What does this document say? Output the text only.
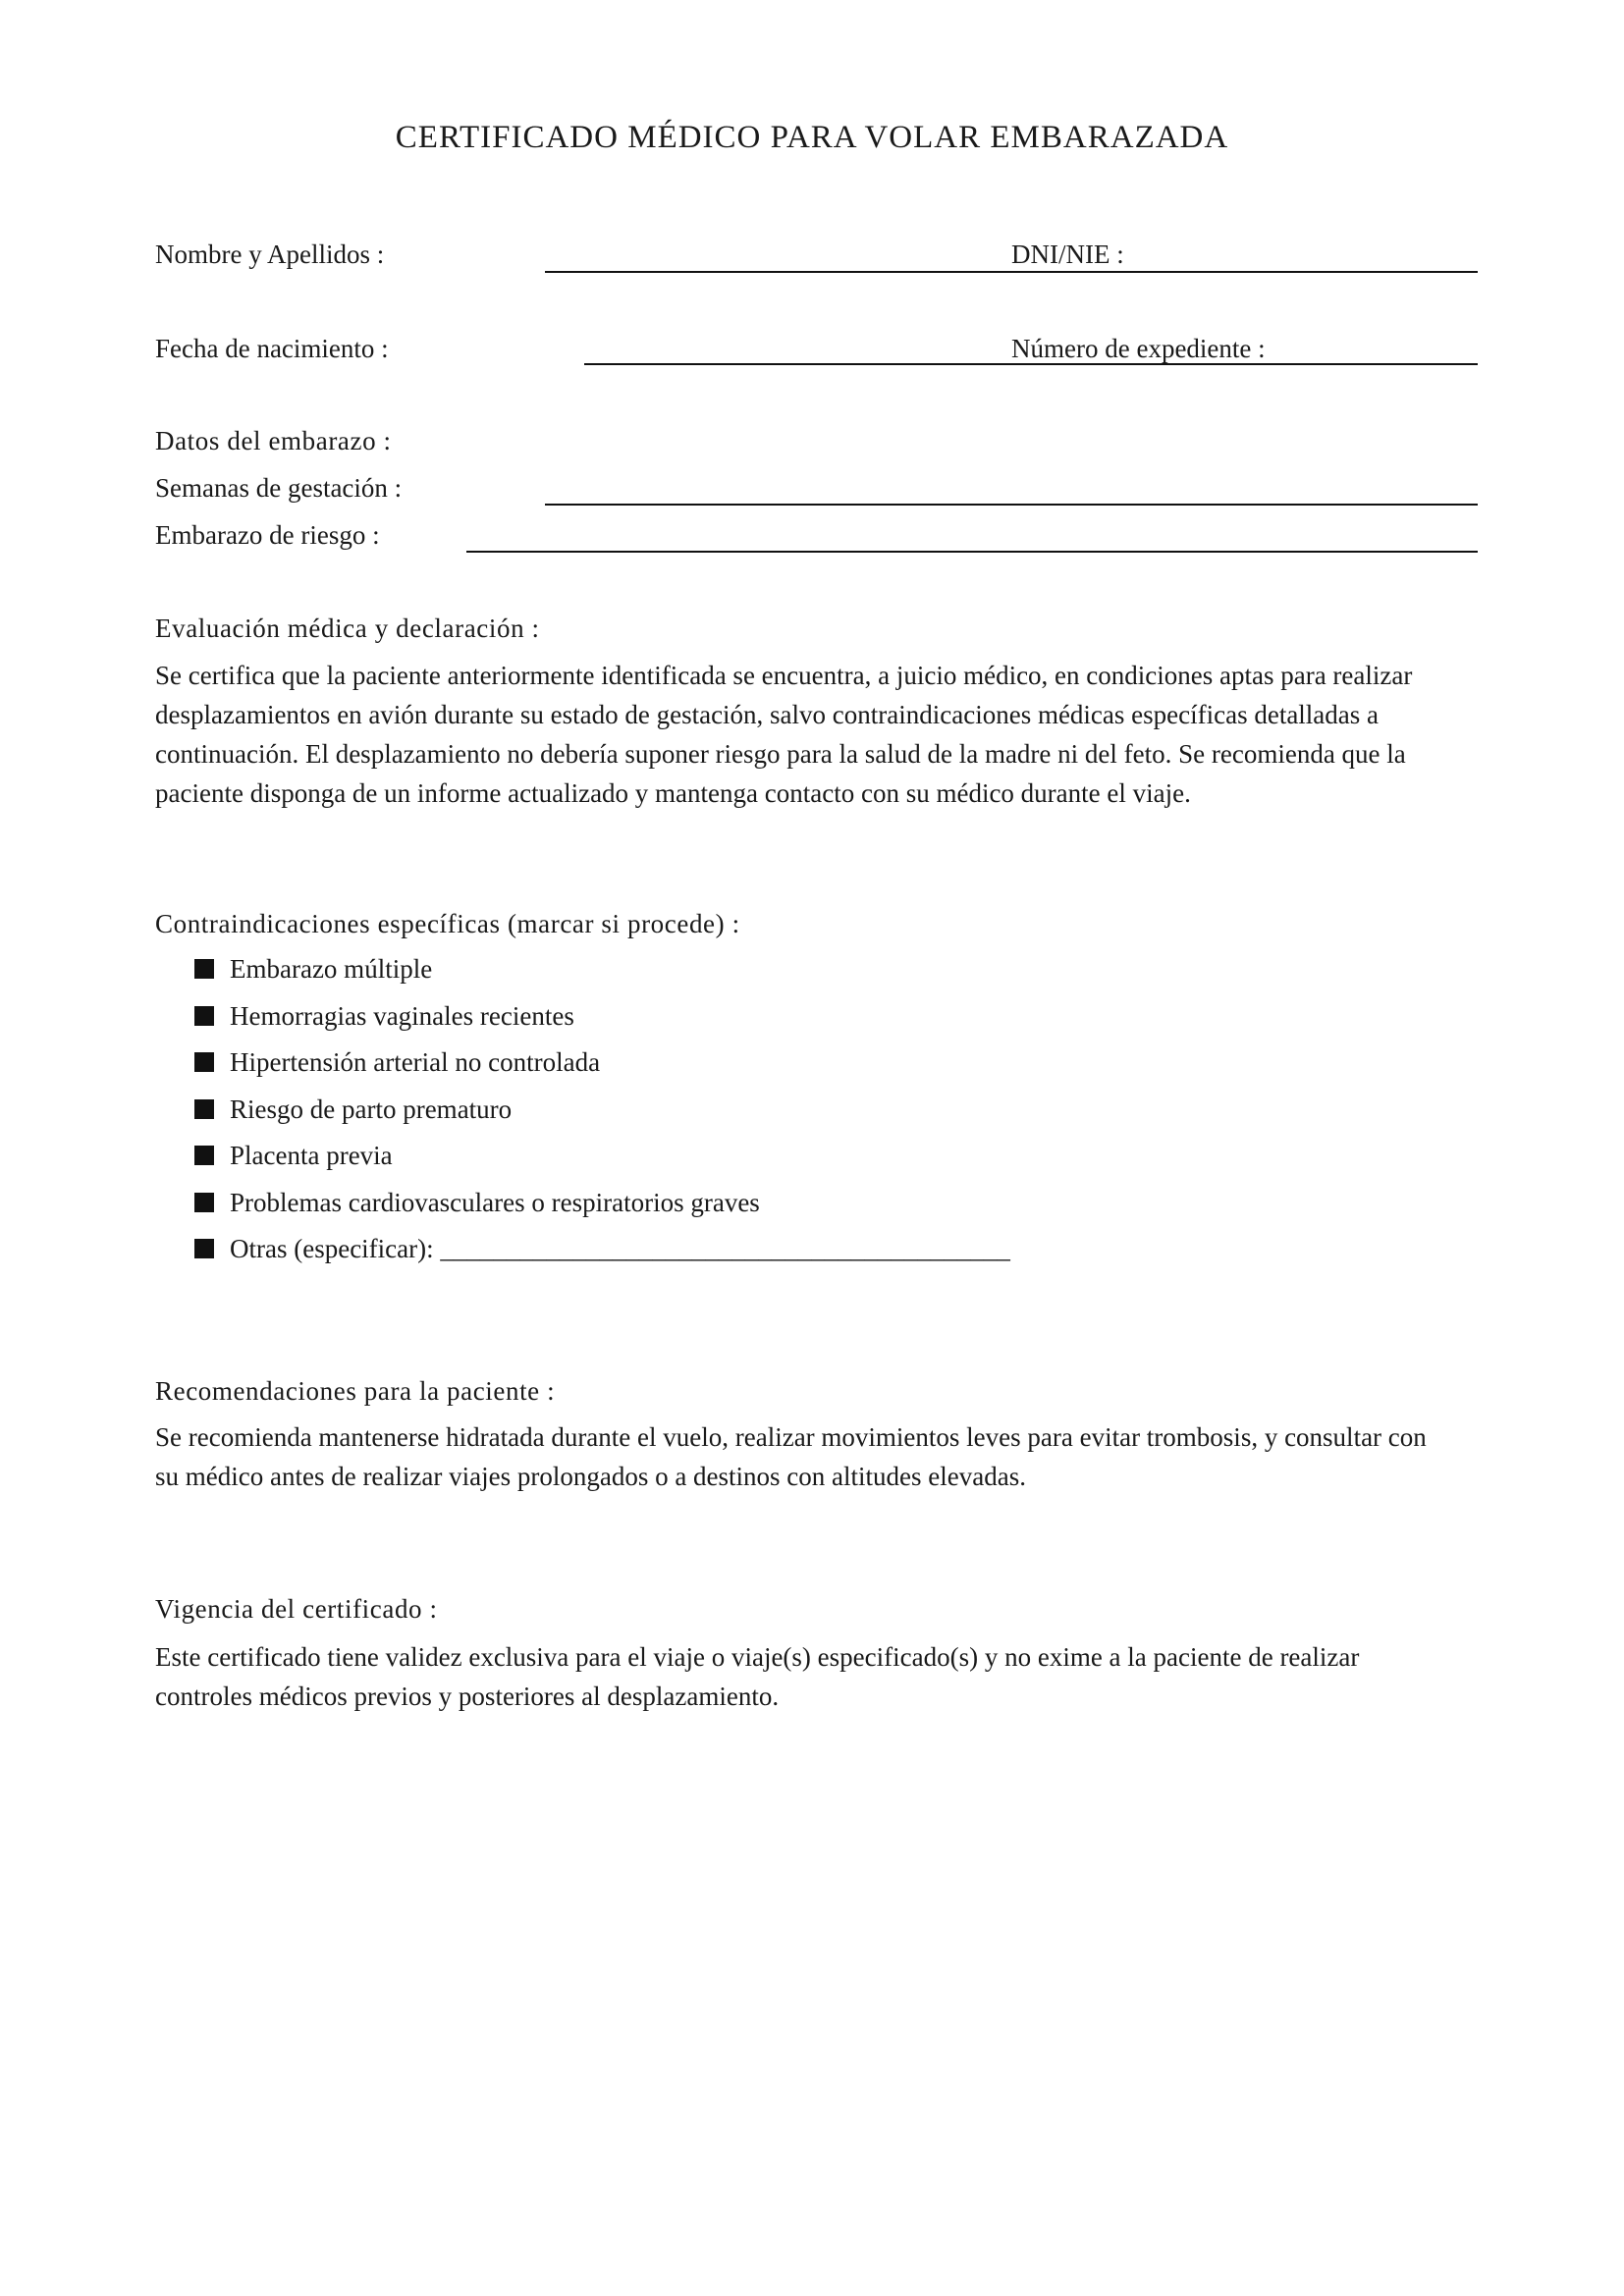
CERTIFICADO MÉDICO PARA VOLAR EMBARAZADA
Nombre y Apellidos :	DNI/NIE :
Fecha de nacimiento :	Número de expediente :
Datos del embarazo :
Semanas de gestación :
Embarazo de riesgo :
Evaluación médica y declaración :
Se certifica que la paciente anteriormente identificada se encuentra, a juicio médico, en condiciones aptas para realizar
desplazamientos en avión durante su estado de gestación, salvo contraindicaciones médicas específicas detalladas a
continuación. El desplazamiento no debería suponer riesgo para la salud de la madre ni del feto. Se recomienda que la
paciente disponga de un informe actualizado y mantenga contacto con su médico durante el viaje.
Contraindicaciones específicas (marcar si procede) :
Embarazo múltiple
Hemorragias vaginales recientes
Hipertensión arterial no controlada
Riesgo de parto prematuro
Placenta previa
Problemas cardiovasculares o respiratorios graves
Otras (especificar): ___________________________________________
Recomendaciones para la paciente :
Se recomienda mantenerse hidratada durante el vuelo, realizar movimientos leves para evitar trombosis, y consultar con
su médico antes de realizar viajes prolongados o a destinos con altitudes elevadas.
Vigencia del certificado :
Este certificado tiene validez exclusiva para el viaje o viaje(s) especificado(s) y no exime a la paciente de realizar
controles médicos previos y posteriores al desplazamiento.
